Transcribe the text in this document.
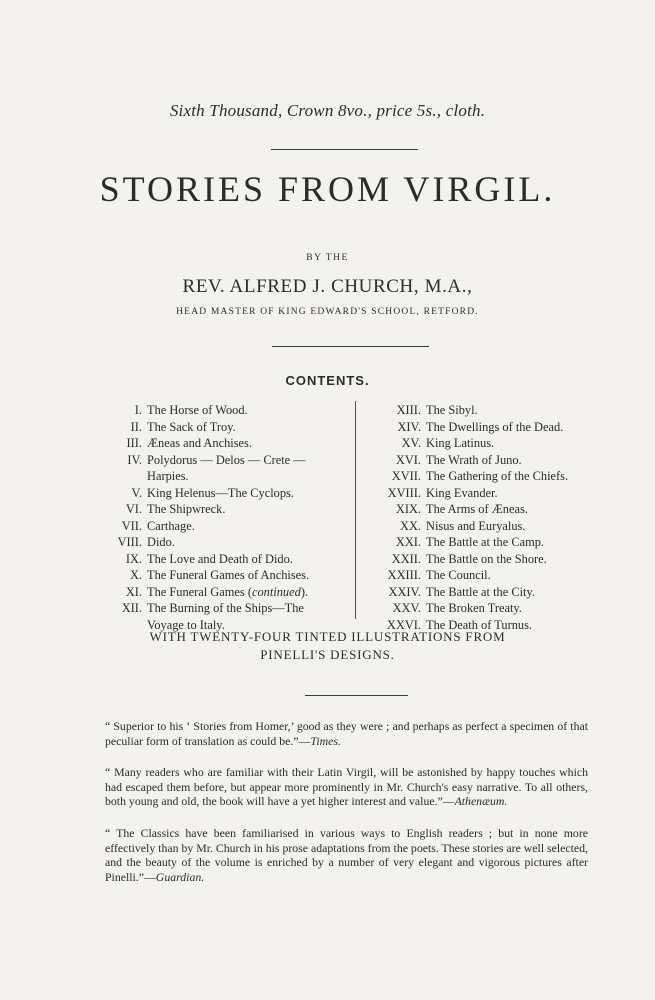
Sixth Thousand, Crown 8vo., price 5s., cloth.
STORIES FROM VIRGIL.
BY THE
REV. ALFRED J. CHURCH, M.A.,
HEAD MASTER OF KING EDWARD'S SCHOOL, RETFORD.
CONTENTS.
I. The Horse of Wood.
II. The Sack of Troy.
III. Æneas and Anchises.
IV. Polydorus — Delos — Crete —
Harpies.
V. King Helenus—The Cyclops.
VI. The Shipwreck.
VII. Carthage.
VIII. Dido.
IX. The Love and Death of Dido.
X. The Funeral Games of Anchises.
XI. The Funeral Games (continued).
XII. The Burning of the Ships—The
Voyage to Italy.
XIII. The Sibyl.
XIV. The Dwellings of the Dead.
XV. King Latinus.
XVI. The Wrath of Juno.
XVII. The Gathering of the Chiefs.
XVIII. King Evander.
XIX. The Arms of Æneas.
XX. Nisus and Euryalus.
XXI. The Battle at the Camp.
XXII. The Battle on the Shore.
XXIII. The Council.
XXIV. The Battle at the City.
XXV. The Broken Treaty.
XXVI. The Death of Turnus.
WITH TWENTY-FOUR TINTED ILLUSTRATIONS FROM PINELLI'S DESIGNS.
“ Superior to his ‘ Stories from Homer,’ good as they were ; and perhaps as perfect a specimen of that peculiar form of translation as could be.”—Times.
“ Many readers who are familiar with their Latin Virgil, will be astonished by happy touches which had escaped them before, but appear more prominently in Mr. Church's easy narrative. To all others, both young and old, the book will have a yet higher interest and value.”—Athenæum.
“ The Classics have been familiarised in various ways to English readers ; but in none more effectively than by Mr. Church in his prose adaptations from the poets. These stories are well selected, and the beauty of the volume is enriched by a number of very elegant and vigorous pictures after Pinelli.”—Guardian.
